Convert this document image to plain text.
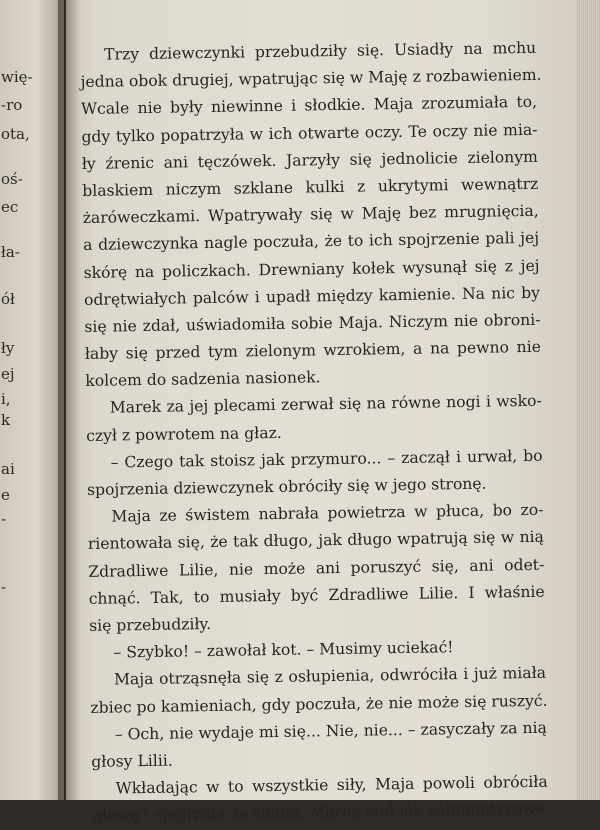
wię-
-ro
ota,
oś-
ec
ła-
ół
ły
ej
i,
k
ai
e
-
-
Trzy dziewczynki przebudziły się. Usiadły na mchu
jedna obok drugiej, wpatrując się w Maję z rozbawieniem.
Wcale nie były niewinne i słodkie. Maja zrozumiała to,
gdy tylko popatrzyła w ich otwarte oczy. Te oczy nie mia-
ły źrenic ani tęczówek. Jarzyły się jednolicie zielonym
blaskiem niczym szklane kulki z ukrytymi wewnątrz
żaróweczkami. Wpatrywały się w Maję bez mrugnięcia,
a dziewczynka nagle poczuła, że to ich spojrzenie pali jej
skórę na policzkach. Drewniany kołek wysunął się z jej
odrętwiałych palców i upadł między kamienie. Na nic by
się nie zdał, uświadomiła sobie Maja. Niczym nie obroni-
łaby się przed tym zielonym wzrokiem, a na pewno nie
kolcem do sadzenia nasionek.
Marek za jej plecami zerwał się na równe nogi i wsko-
czył z powrotem na głaz.
– Czego tak stoisz jak przymuro... – zaczął i urwał, bo
spojrzenia dziewczynek obróciły się w jego stronę.
Maja ze świstem nabrała powietrza w płuca, bo zo-
rientowała się, że tak długo, jak długo wpatrują się w nią
Zdradliwe Lilie, nie może ani poruszyć się, ani odet-
chnąć. Tak, to musiały być Zdradliwe Lilie. I właśnie
się przebudziły.
– Szybko! – zawołał kot. – Musimy uciekać!
Maja otrząsnęła się z osłupienia, odwróciła i już miała
zbiec po kamieniach, gdy poczuła, że nie może się ruszyć.
– Och, nie wydaje mi się... Nie, nie... – zasyczały za nią
głosy Lilii.
Wkładając w to wszystkie siły, Maja powoli obróciła
głowę i spojrzała za siebie. Marek stał jak zahipnotyzowa-
